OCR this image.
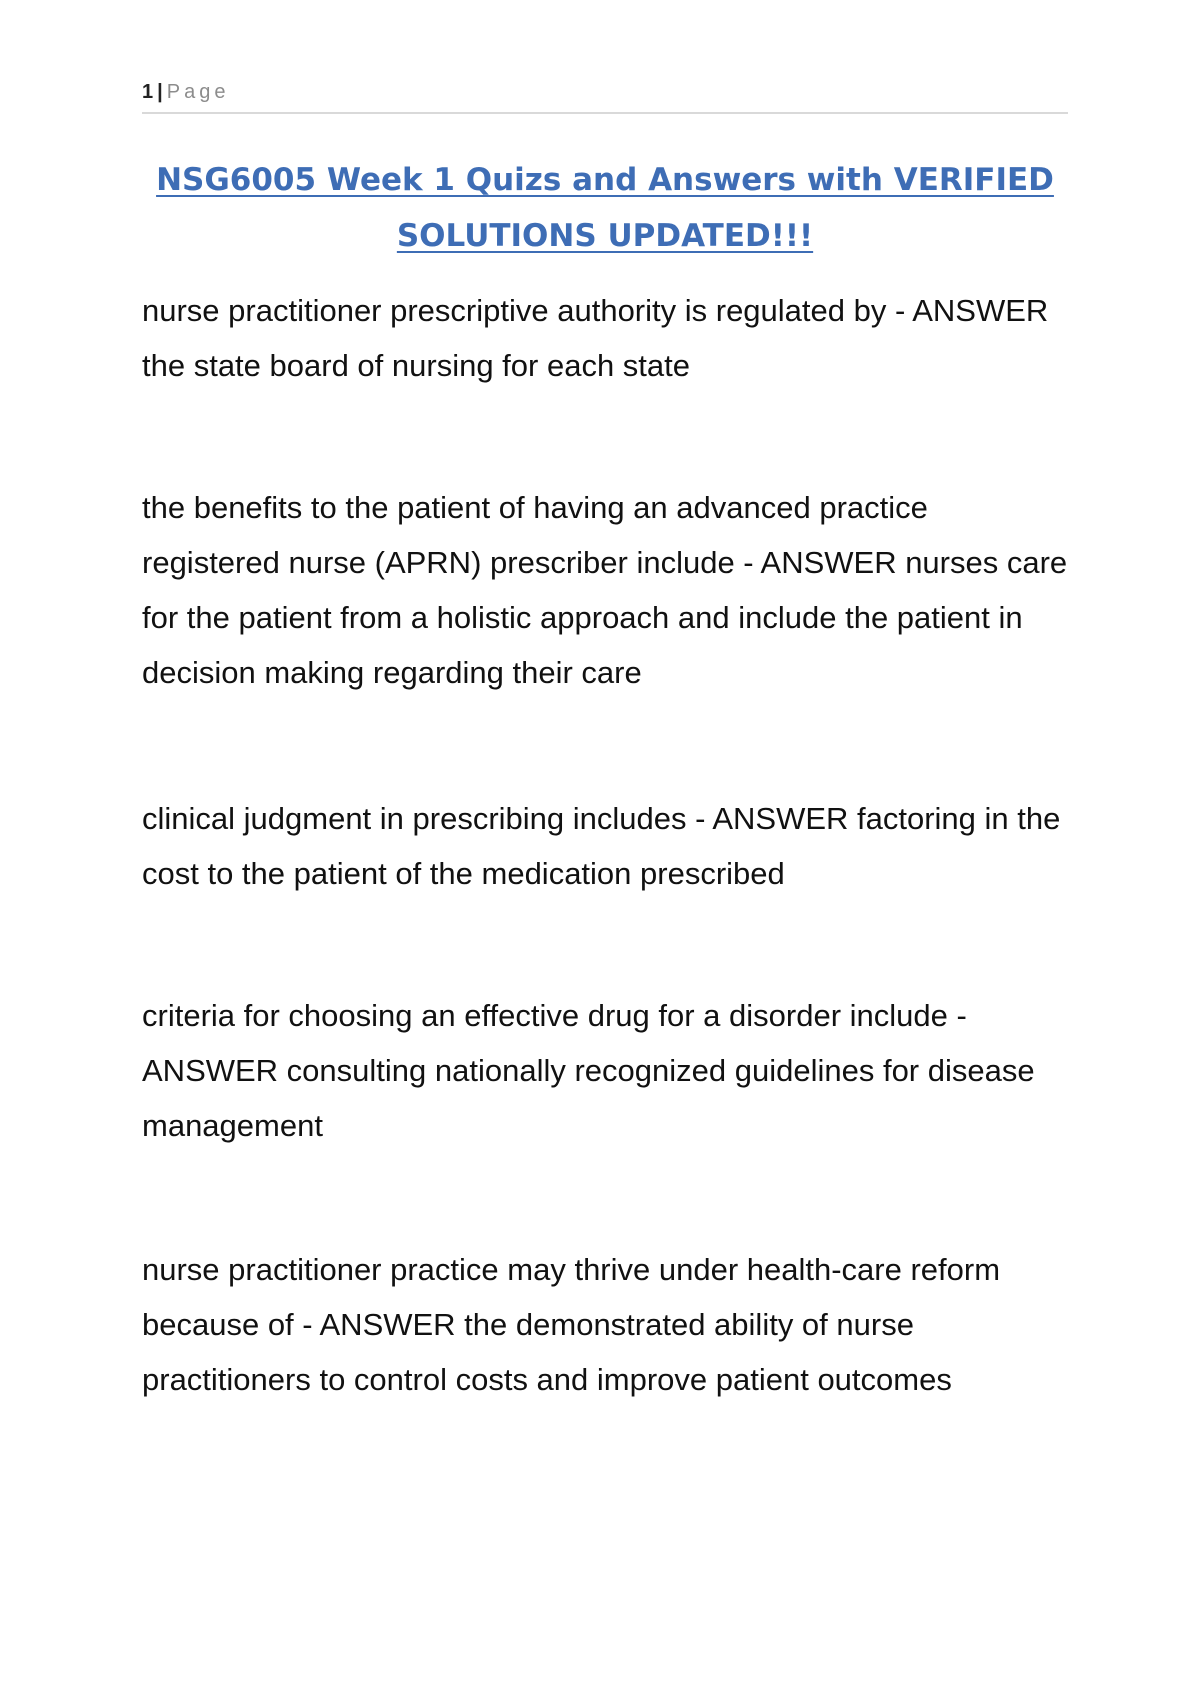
1 | Page
NSG6005 Week 1 Quizs and Answers with VERIFIED
SOLUTIONS UPDATED!!!

nurse practitioner prescriptive authority is regulated by - ANSWER the state board of nursing for each state

the benefits to the patient of having an advanced practice registered nurse (APRN) prescriber include - ANSWER nurses care for the patient from a holistic approach and include the patient in decision making regarding their care

clinical judgment in prescribing includes - ANSWER factoring in the cost to the patient of the medication prescribed

criteria for choosing an effective drug for a disorder include - ANSWER consulting nationally recognized guidelines for disease management

nurse practitioner practice may thrive under health-care reform because of - ANSWER the demonstrated ability of nurse practitioners to control costs and improve patient outcomes
